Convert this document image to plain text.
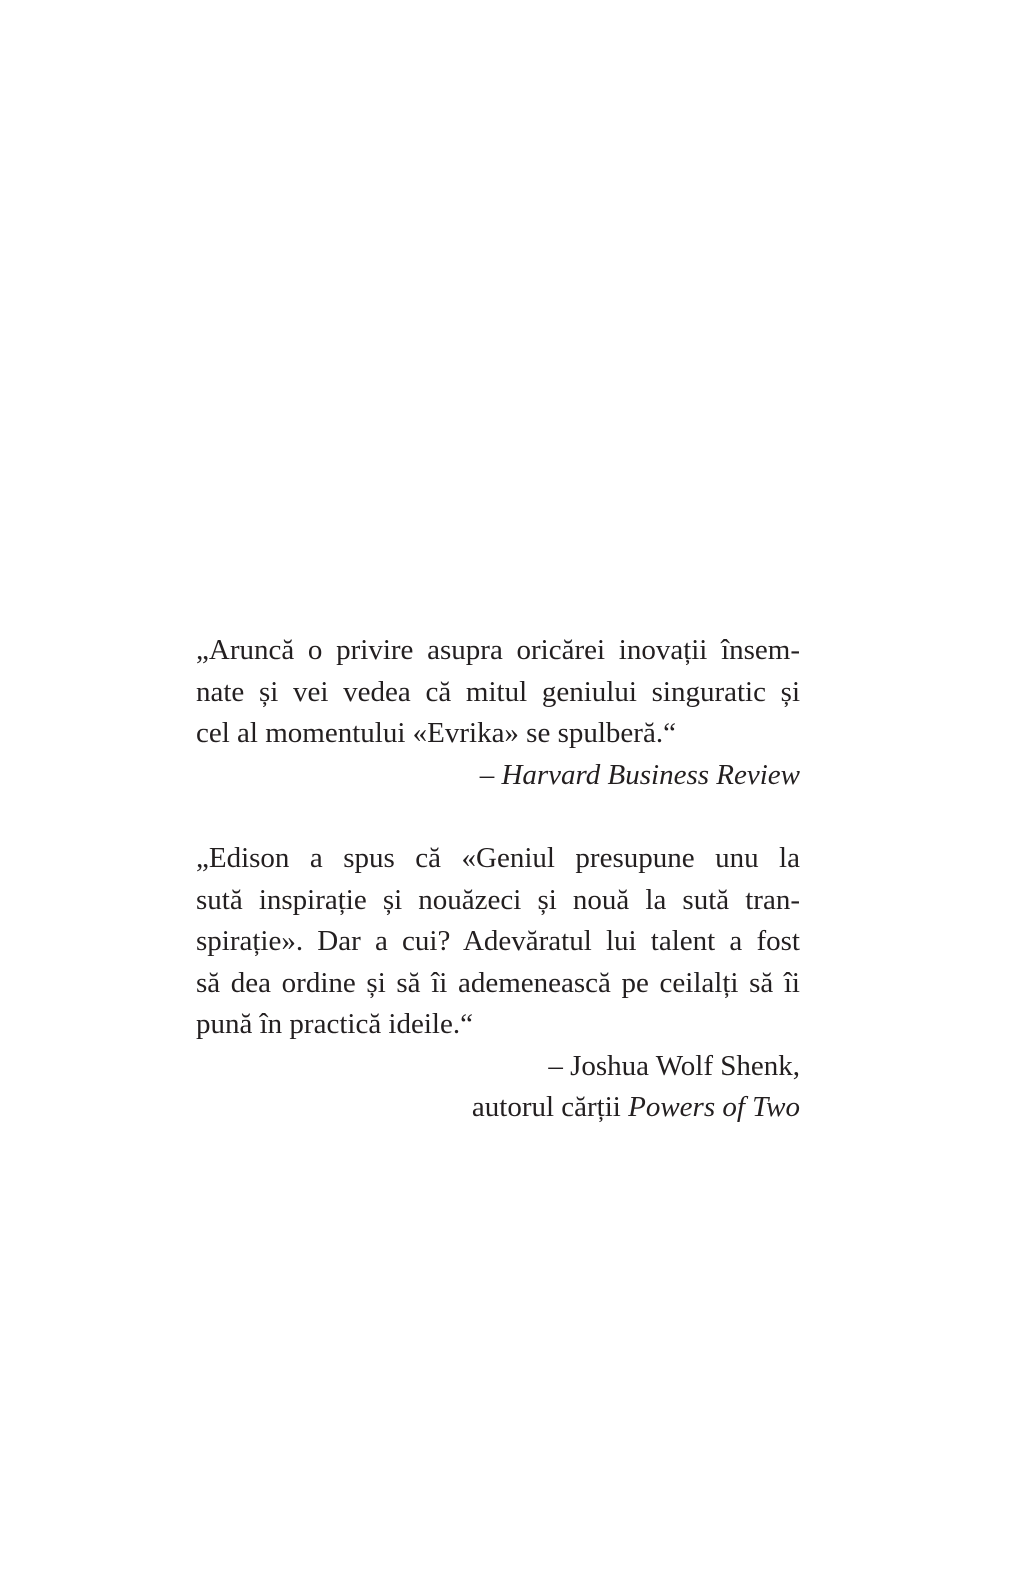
„Aruncă o privire asupra oricărei inovații însem-

nate și vei vedea că mitul geniului singuratic și

cel al momentului «Evrika» se spulberă.“

– Harvard Business Review

„Edison a spus că «Geniul presupune unu la

sută inspirație și nouăzeci și nouă la sută tran-

spirație». Dar a cui? Adevăratul lui talent a fost

să dea ordine și să îi ademenească pe ceilalți să îi

pună în practică ideile.“

– Joshua Wolf Shenk,

autorul cărții Powers of Two
